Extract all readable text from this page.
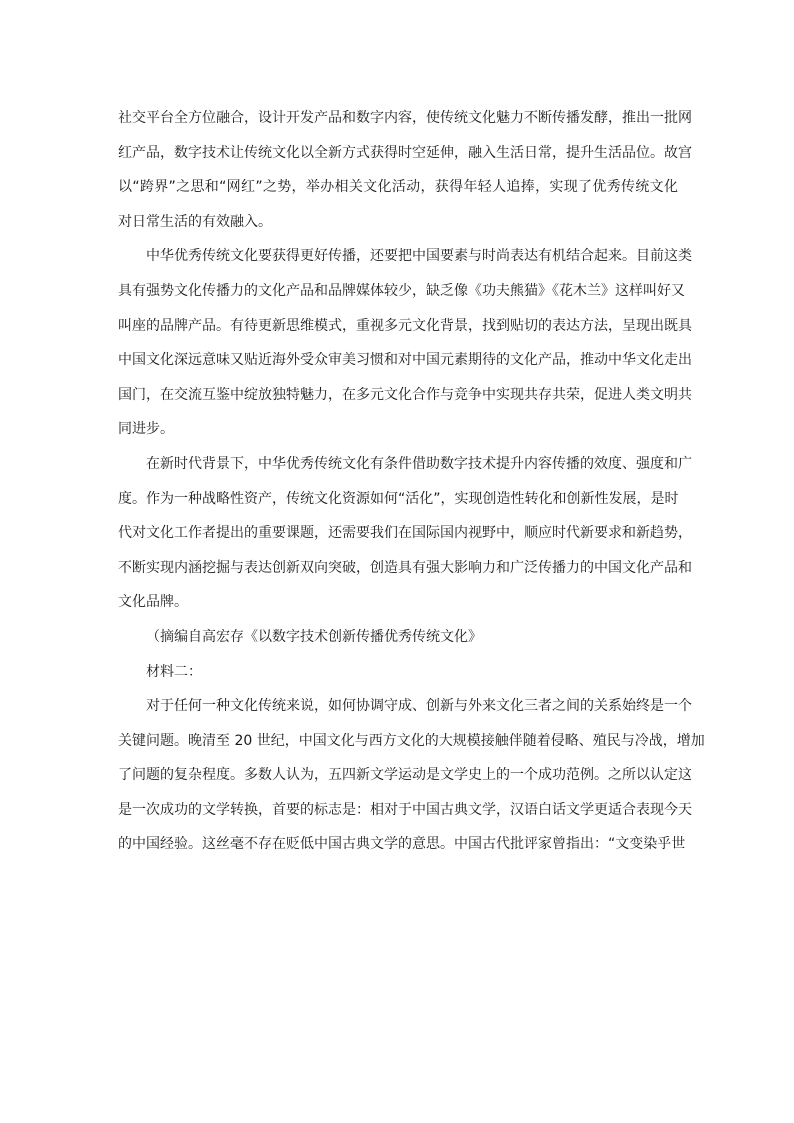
社交平台全方位融合，设计开发产品和数字内容，使传统文化魅力不断传播发酵，推出一批网
红产品，数字技术让传统文化以全新方式获得时空延伸，融入生活日常，提升生活品位。故宫
以“跨界”之思和“网红”之势，举办相关文化活动，获得年轻人追捧，实现了优秀传统文化
对日常生活的有效融入。
中华优秀传统文化要获得更好传播，还要把中国要素与时尚表达有机结合起来。目前这类
具有强势文化传播力的文化产品和品牌媒体较少，缺乏像《功夫熊猫》《花木兰》这样叫好又
叫座的品牌产品。有待更新思维模式，重视多元文化背景，找到贴切的表达方法，呈现出既具
中国文化深远意味又贴近海外受众审美习惯和对中国元素期待的文化产品，推动中华文化走出
国门，在交流互鉴中绽放独特魅力，在多元文化合作与竞争中实现共存共荣，促进人类文明共
同进步。
在新时代背景下，中华优秀传统文化有条件借助数字技术提升内容传播的效度、强度和广
度。作为一种战略性资产，传统文化资源如何“活化”，实现创造性转化和创新性发展，是时
代对文化工作者提出的重要课题，还需要我们在国际国内视野中，顺应时代新要求和新趋势，
不断实现内涵挖掘与表达创新双向突破，创造具有强大影响力和广泛传播力的中国文化产品和
文化品牌。
（摘编自高宏存《以数字技术创新传播优秀传统文化》
材料二：
对于任何一种文化传统来说，如何协调守成、创新与外来文化三者之间的关系始终是一个
关键问题。晚清至 20 世纪，中国文化与西方文化的大规模接触伴随着侵略、殖民与冷战，增加
了问题的复杂程度。多数人认为，五四新文学运动是文学史上的一个成功范例。之所以认定这
是一次成功的文学转换，首要的标志是：相对于中国古典文学，汉语白话文学更适合表现今天
的中国经验。这丝毫不存在贬低中国古典文学的意思。中国古代批评家曾指出：“文变染乎世
